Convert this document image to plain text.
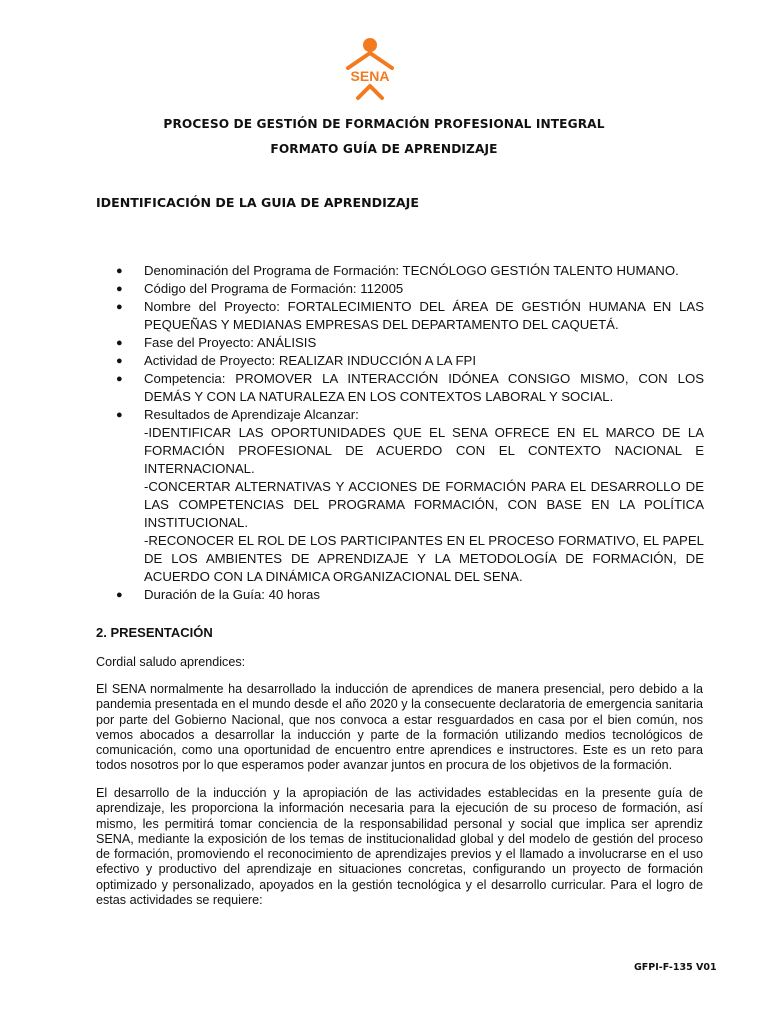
SENA
PROCESO DE GESTIÓN DE FORMACIÓN PROFESIONAL INTEGRAL
FORMATO GUÍA DE APRENDIZAJE
IDENTIFICACIÓN DE LA GUIA DE APRENDIZAJE
● Denominación del Programa de Formación: TECNÓLOGO GESTIÓN TALENTO HUMANO.
● Código del Programa de Formación: 112005
● Nombre del Proyecto: FORTALECIMIENTO DEL ÁREA DE GESTIÓN HUMANA EN LAS PEQUEÑAS Y MEDIANAS EMPRESAS DEL DEPARTAMENTO DEL CAQUETÁ.
● Fase del Proyecto: ANÁLISIS
● Actividad de Proyecto: REALIZAR INDUCCIÓN A LA FPI
● Competencia: PROMOVER LA INTERACCIÓN IDÓNEA CONSIGO MISMO, CON LOS DEMÁS Y CON LA NATURALEZA EN LOS CONTEXTOS LABORAL Y SOCIAL.
● Resultados de Aprendizaje Alcanzar:

-IDENTIFICAR LAS OPORTUNIDADES QUE EL SENA OFRECE EN EL MARCO DE LA FORMACIÓN PROFESIONAL DE ACUERDO CON EL CONTEXTO NACIONAL E INTERNACIONAL.

-CONCERTAR ALTERNATIVAS Y ACCIONES DE FORMACIÓN PARA EL DESARROLLO DE LAS COMPETENCIAS DEL PROGRAMA FORMACIÓN, CON BASE EN LA POLÍTICA INSTITUCIONAL.

-RECONOCER EL ROL DE LOS PARTICIPANTES EN EL PROCESO FORMATIVO, EL PAPEL DE LOS AMBIENTES DE APRENDIZAJE Y LA METODOLOGÍA DE FORMACIÓN, DE ACUERDO CON LA DINÁMICA ORGANIZACIONAL DEL SENA.

● Duración de la Guía: 40 horas
2. PRESENTACIÓN

Cordial saludo aprendices:

El SENA normalmente ha desarrollado la inducción de aprendices de manera presencial, pero debido a la pandemia presentada en el mundo desde el año 2020 y la consecuente declaratoria de emergencia sanitaria por parte del Gobierno Nacional, que nos convoca a estar resguardados en casa por el bien común, nos vemos abocados a desarrollar la inducción y parte de la formación utilizando medios tecnológicos de comunicación, como una oportunidad de encuentro entre aprendices e instructores. Este es un reto para todos nosotros por lo que esperamos poder avanzar juntos en procura de los objetivos de la formación.

El desarrollo de la inducción y la apropiación de las actividades establecidas en la presente guía de aprendizaje, les proporciona la información necesaria para la ejecución de su proceso de formación, así mismo, les permitirá tomar conciencia de la responsabilidad personal y social que implica ser aprendiz SENA, mediante la exposición de los temas de institucionalidad global y del modelo de gestión del proceso de formación, promoviendo el reconocimiento de aprendizajes previos y el llamado a involucrarse en el uso efectivo y productivo del aprendizaje en situaciones concretas, configurando un proyecto de formación optimizado y personalizado, apoyados en la gestión tecnológica y el desarrollo curricular. Para el logro de estas actividades se requiere:

GFPI-F-135 V01
